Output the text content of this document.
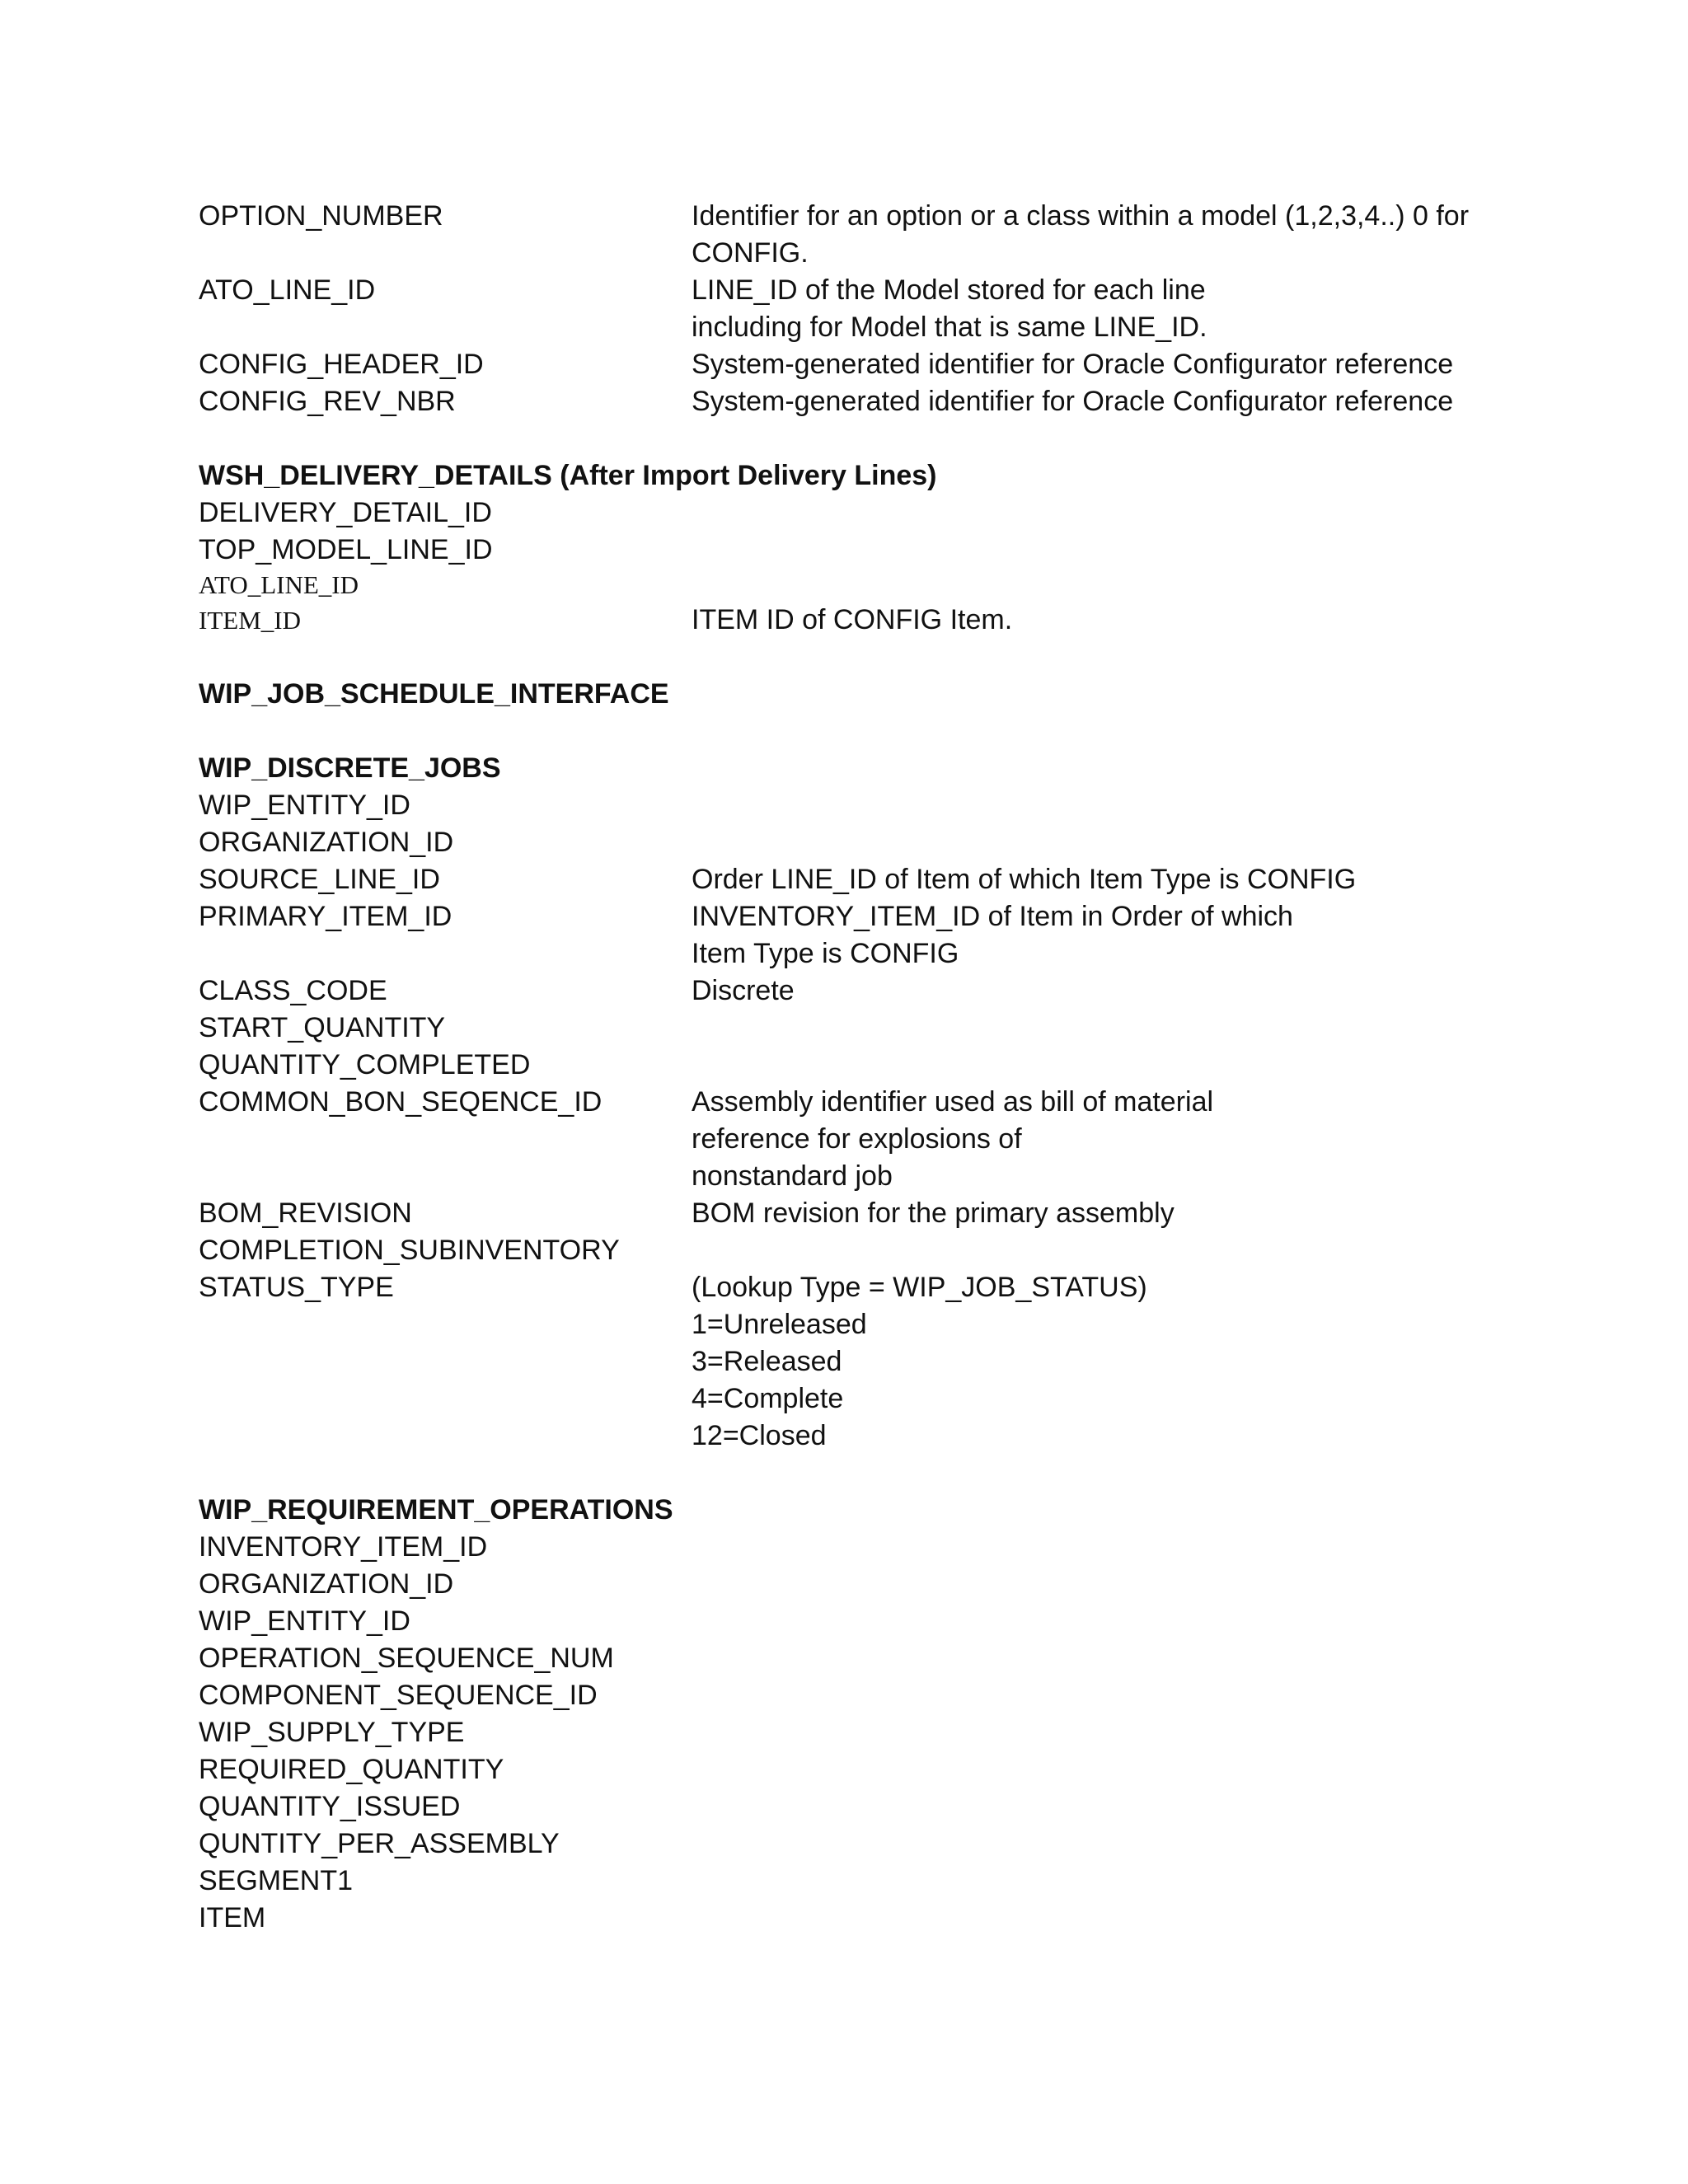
OPTION_NUMBER	Identifier for an option or a class within a model (1,2,3,4..) 0 for
CONFIG.
ATO_LINE_ID	LINE_ID of the Model stored for each line
including for Model that is same LINE_ID.
CONFIG_HEADER_ID	System-generated identifier for Oracle Configurator reference
CONFIG_REV_NBR	System-generated identifier for Oracle Configurator reference
WSH_DELIVERY_DETAILS (After Import Delivery Lines)
DELIVERY_DETAIL_ID
TOP_MODEL_LINE_ID
ATO_LINE_ID
ITEM_ID	ITEM ID of CONFIG Item.
WIP_JOB_SCHEDULE_INTERFACE
WIP_DISCRETE_JOBS
WIP_ENTITY_ID
ORGANIZATION_ID
SOURCE_LINE_ID	Order LINE_ID of Item of which Item Type is CONFIG
PRIMARY_ITEM_ID	INVENTORY_ITEM_ID of Item in Order of which
Item Type is CONFIG
CLASS_CODE	Discrete
START_QUANTITY
QUANTITY_COMPLETED
COMMON_BON_SEQENCE_ID	Assembly identifier used as bill of material
reference for explosions of
nonstandard job
BOM_REVISION	BOM revision for the primary assembly
COMPLETION_SUBINVENTORY
STATUS_TYPE	(Lookup Type = WIP_JOB_STATUS)
1=Unreleased
3=Released
4=Complete
12=Closed
WIP_REQUIREMENT_OPERATIONS
INVENTORY_ITEM_ID
ORGANIZATION_ID
WIP_ENTITY_ID
OPERATION_SEQUENCE_NUM
COMPONENT_SEQUENCE_ID
WIP_SUPPLY_TYPE
REQUIRED_QUANTITY
QUANTITY_ISSUED
QUNTITY_PER_ASSEMBLY
SEGMENT1
ITEM
